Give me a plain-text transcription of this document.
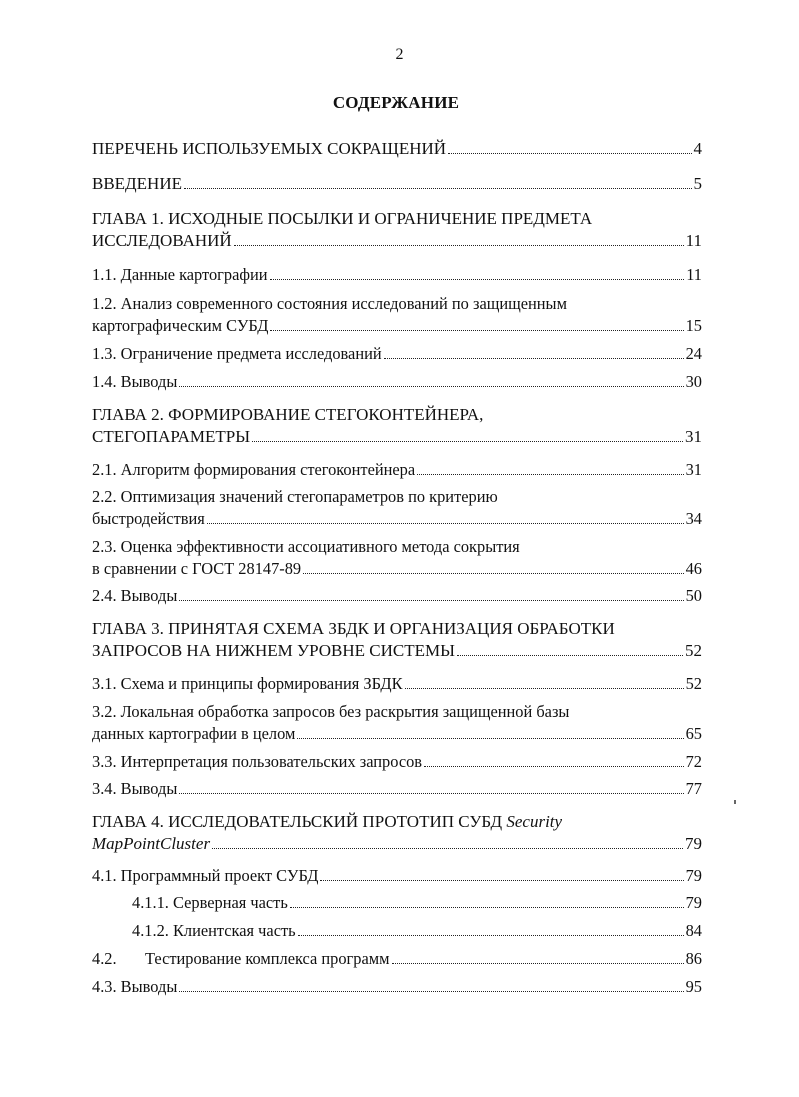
2
СОДЕРЖАНИЕ
ПЕРЕЧЕНЬ ИСПОЛЬЗУЕМЫХ СОКРАЩЕНИЙ	4
ВВЕДЕНИЕ	5
ГЛАВА 1. ИСХОДНЫЕ ПОСЫЛКИ И ОГРАНИЧЕНИЕ ПРЕДМЕТА
ИССЛЕДОВАНИЙ	11
1.1. Данные картографии	11
1.2. Анализ современного состояния исследований по защищенным
картографическим СУБД	15
1.3. Ограничение предмета исследований	24
1.4. Выводы	30
ГЛАВА 2. ФОРМИРОВАНИЕ СТЕГОКОНТЕЙНЕРА,
СТЕГОПАРАМЕТРЫ	31
2.1. Алгоритм формирования стегоконтейнера	31
2.2. Оптимизация значений стегопараметров по критерию
быстродействия	34
2.3. Оценка эффективности ассоциативного метода сокрытия
в сравнении с ГОСТ 28147-89	46
2.4. Выводы	50
ГЛАВА 3. ПРИНЯТАЯ СХЕМА ЗБДК И ОРГАНИЗАЦИЯ ОБРАБОТКИ
ЗАПРОСОВ НА НИЖНЕМ УРОВНЕ СИСТЕМЫ	52
3.1. Схема и принципы формирования ЗБДК	52
3.2. Локальная обработка запросов без раскрытия защищенной базы
данных картографии в целом	65
3.3. Интерпретация пользовательских запросов	72
3.4. Выводы	77
ГЛАВА 4. ИССЛЕДОВАТЕЛЬСКИЙ ПРОТОТИП СУБД Security
MapPointCluster	79
4.1. Программный проект СУБД	79
4.1.1. Серверная часть	79
4.1.2. Клиентская часть	84
4.2.	Тестирование комплекса программ	86
4.3. Выводы	95
